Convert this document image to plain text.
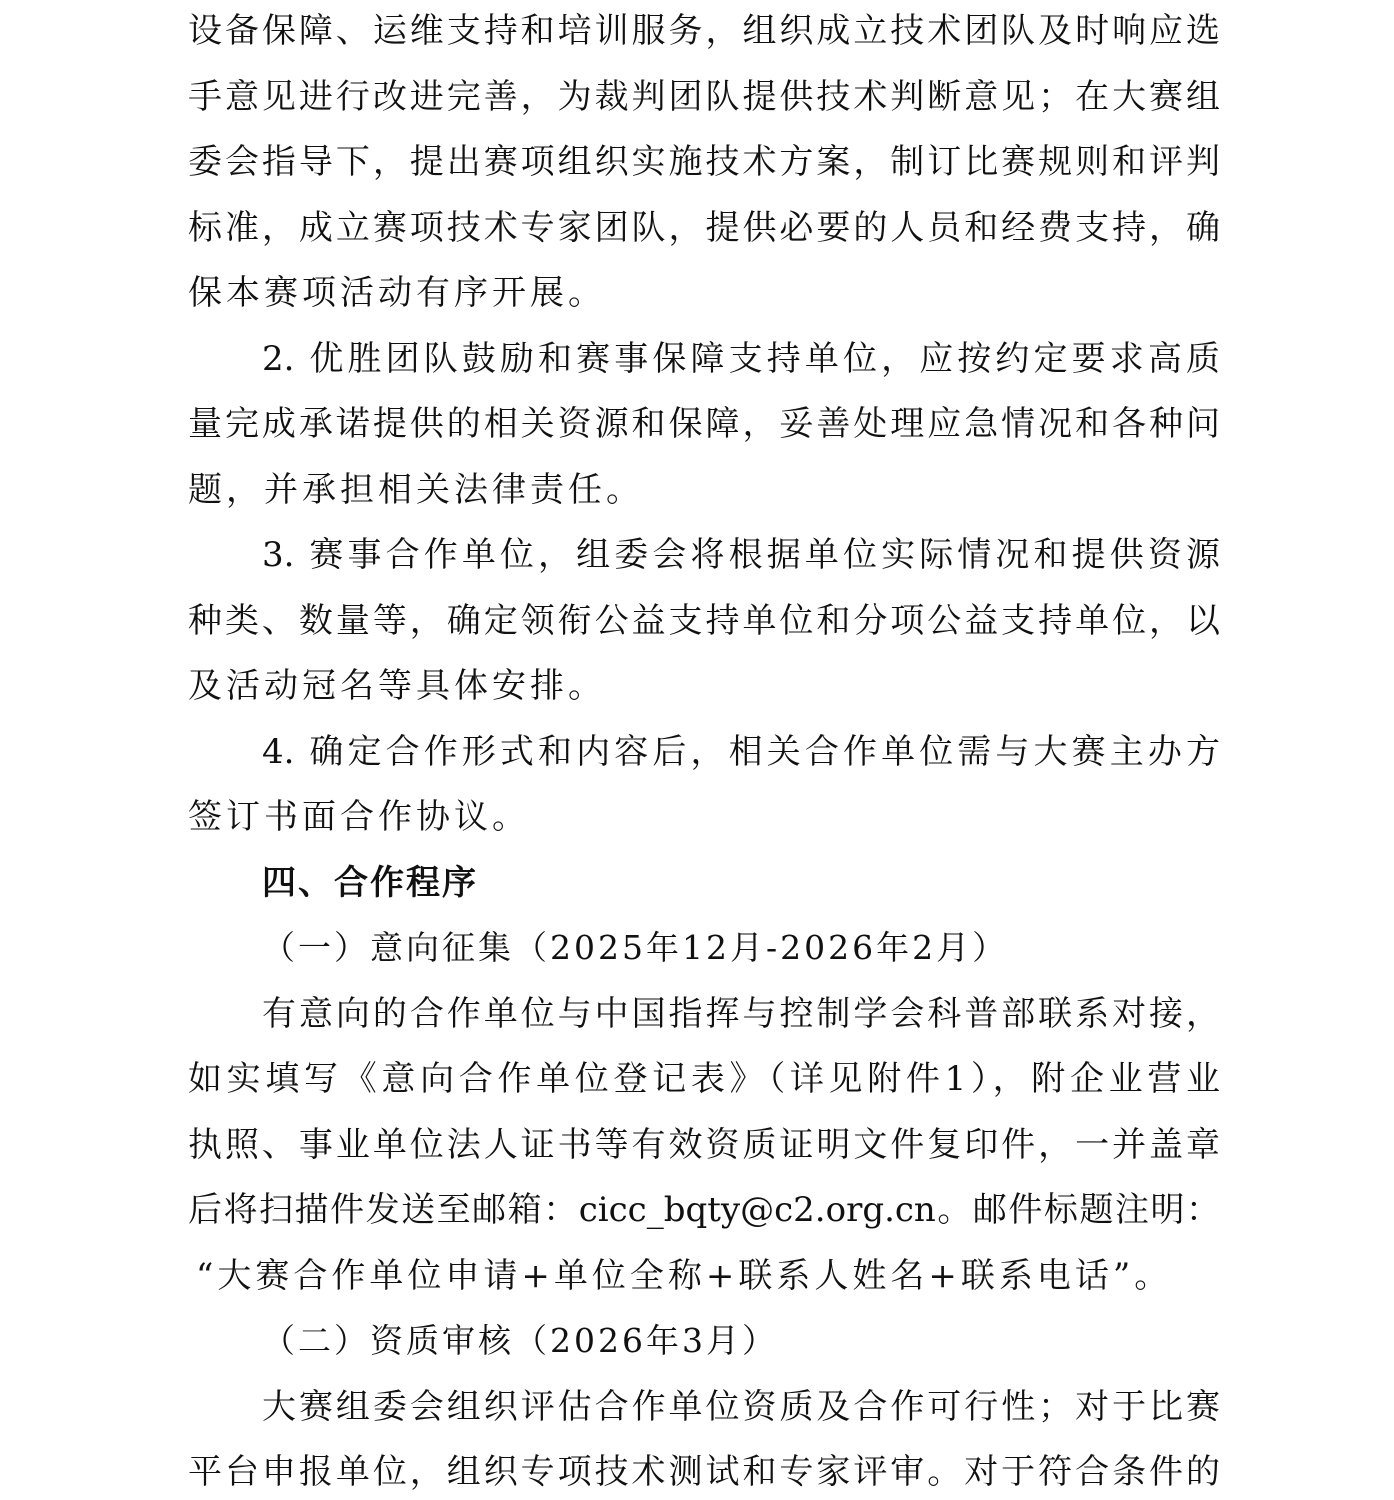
设备保障、运维支持和培训服务，组织成立技术团队及时响应选
手意见进行改进完善，为裁判团队提供技术判断意见；在大赛组
委会指导下，提出赛项组织实施技术方案，制订比赛规则和评判
标准，成立赛项技术专家团队，提供必要的人员和经费支持，确
保本赛项活动有序开展。
2. 优胜团队鼓励和赛事保障支持单位，应按约定要求高质
量完成承诺提供的相关资源和保障，妥善处理应急情况和各种问
题，并承担相关法律责任。
3. 赛事合作单位，组委会将根据单位实际情况和提供资源
种类、数量等，确定领衔公益支持单位和分项公益支持单位，以
及活动冠名等具体安排。
4. 确定合作形式和内容后，相关合作单位需与大赛主办方
签订书面合作协议。
四、合作程序
（一）意向征集（2025年12月-2026年2月）
有意向的合作单位与中国指挥与控制学会科普部联系对接，
如实填写《意向合作单位登记表》（详见附件1），附企业营业
执照、事业单位法人证书等有效资质证明文件复印件，一并盖章
后将扫描件发送至邮箱：cicc_bqty@c2.org.cn。邮件标题注明：
“大赛合作单位申请+单位全称+联系人姓名+联系电话”。
（二）资质审核（2026年3月）
大赛组委会组织评估合作单位资质及合作可行性；对于比赛
平台申报单位，组织专项技术测试和专家评审。对于符合条件的
